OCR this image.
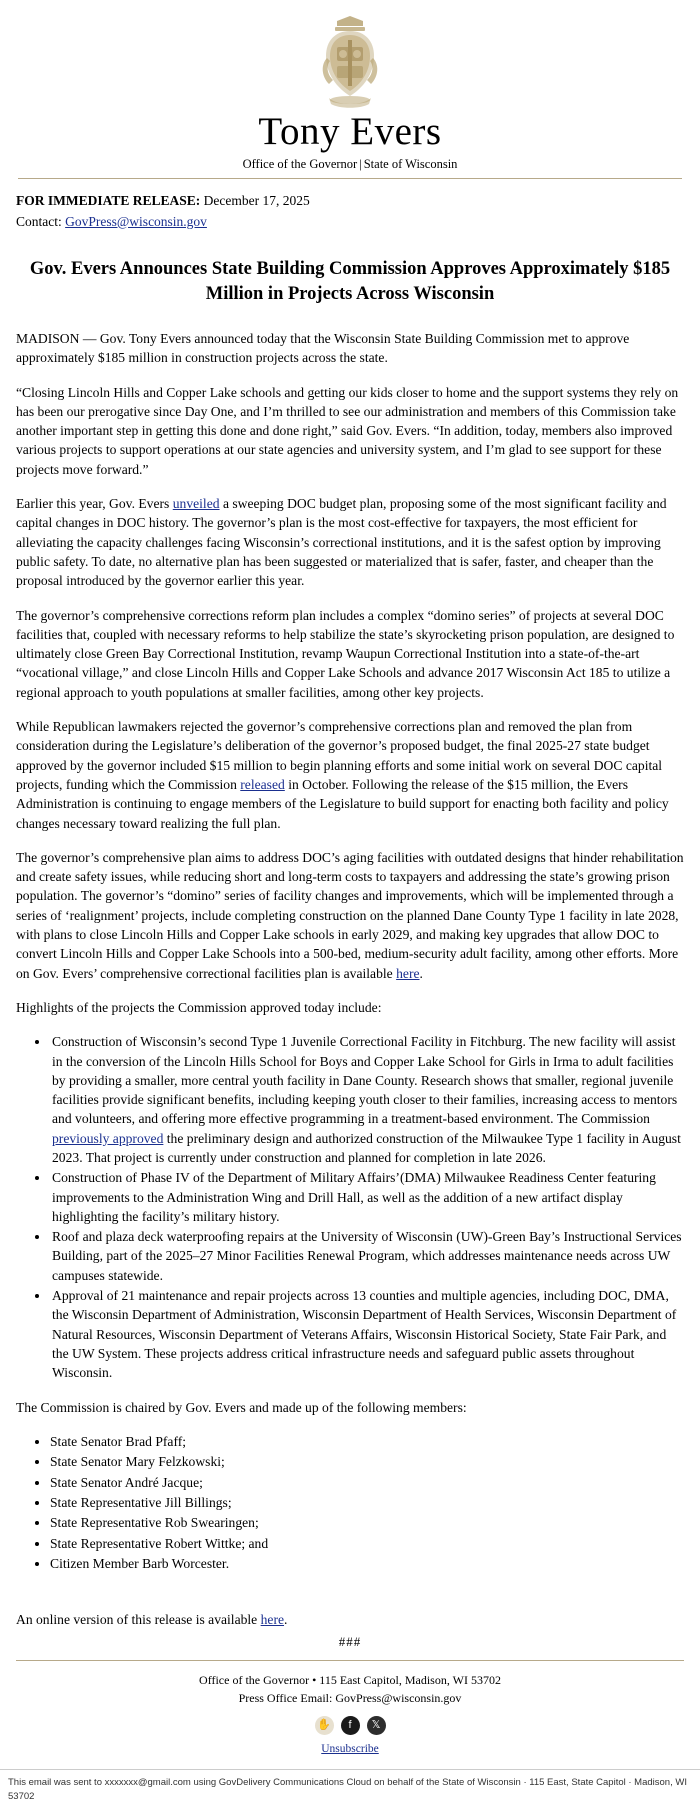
Tony Evers
Office of the Governor | State of Wisconsin
FOR IMMEDIATE RELEASE: December 17, 2025
Contact: GovPress@wisconsin.gov
Gov. Evers Announces State Building Commission Approves Approximately $185 Million in Projects Across Wisconsin

MADISON — Gov. Tony Evers announced today that the Wisconsin State Building Commission met to approve approximately $185 million in construction projects across the state.

“Closing Lincoln Hills and Copper Lake schools and getting our kids closer to home and the support systems they rely on has been our prerogative since Day One, and I’m thrilled to see our administration and members of this Commission take another important step in getting this done and done right,” said Gov. Evers. “In addition, today, members also improved various projects to support operations at our state agencies and university system, and I’m glad to see support for these projects move forward.”

Earlier this year, Gov. Evers unveiled a sweeping DOC budget plan, proposing some of the most significant facility and capital changes in DOC history. The governor’s plan is the most cost-effective for taxpayers, the most efficient for alleviating the capacity challenges facing Wisconsin’s correctional institutions, and it is the safest option by improving public safety. To date, no alternative plan has been suggested or materialized that is safer, faster, and cheaper than the proposal introduced by the governor earlier this year.

The governor’s comprehensive corrections reform plan includes a complex “domino series” of projects at several DOC facilities that, coupled with necessary reforms to help stabilize the state’s skyrocketing prison population, are designed to ultimately close Green Bay Correctional Institution, revamp Waupun Correctional Institution into a state-of-the-art “vocational village,” and close Lincoln Hills and Copper Lake Schools and advance 2017 Wisconsin Act 185 to utilize a regional approach to youth populations at smaller facilities, among other key projects.

While Republican lawmakers rejected the governor’s comprehensive corrections plan and removed the plan from consideration during the Legislature’s deliberation of the governor’s proposed budget, the final 2025-27 state budget approved by the governor included $15 million to begin planning efforts and some initial work on several DOC capital projects, funding which the Commission released in October. Following the release of the $15 million, the Evers Administration is continuing to engage members of the Legislature to build support for enacting both facility and policy changes necessary toward realizing the full plan.

The governor’s comprehensive plan aims to address DOC’s aging facilities with outdated designs that hinder rehabilitation and create safety issues, while reducing short and long-term costs to taxpayers and addressing the state’s growing prison population. The governor’s “domino” series of facility changes and improvements, which will be implemented through a series of ‘realignment’ projects, include completing construction on the planned Dane County Type 1 facility in late 2028, with plans to close Lincoln Hills and Copper Lake schools in early 2029, and making key upgrades that allow DOC to convert Lincoln Hills and Copper Lake Schools into a 500-bed, medium-security adult facility, among other efforts. More on Gov. Evers’ comprehensive correctional facilities plan is available here.

Highlights of the projects the Commission approved today include:

• Construction of Wisconsin’s second Type 1 Juvenile Correctional Facility in Fitchburg. The new facility will assist in the conversion of the Lincoln Hills School for Boys and Copper Lake School for Girls in Irma to adult facilities by providing a smaller, more central youth facility in Dane County. Research shows that smaller, regional juvenile facilities provide significant benefits, including keeping youth closer to their families, increasing access to mentors and volunteers, and offering more effective programming in a treatment-based environment. The Commission previously approved the preliminary design and authorized construction of the Milwaukee Type 1 facility in August 2023. That project is currently under construction and planned for completion in late 2026.
• Construction of Phase IV of the Department of Military Affairs’(DMA) Milwaukee Readiness Center featuring improvements to the Administration Wing and Drill Hall, as well as the addition of a new artifact display highlighting the facility’s military history.
• Roof and plaza deck waterproofing repairs at the University of Wisconsin (UW)-Green Bay’s Instructional Services Building, part of the 2025–27 Minor Facilities Renewal Program, which addresses maintenance needs across UW campuses statewide.
• Approval of 21 maintenance and repair projects across 13 counties and multiple agencies, including DOC, DMA, the Wisconsin Department of Administration, Wisconsin Department of Health Services, Wisconsin Department of Natural Resources, Wisconsin Department of Veterans Affairs, Wisconsin Historical Society, State Fair Park, and the UW System. These projects address critical infrastructure needs and safeguard public assets throughout Wisconsin.

The Commission is chaired by Gov. Evers and made up of the following members:

• State Senator Brad Pfaff;
• State Senator Mary Felzkowski;
• State Senator André Jacque;
• State Representative Jill Billings;
• State Representative Rob Swearingen;
• State Representative Robert Wittke; and
• Citizen Member Barb Worcester.

An online version of this release is available here.

###
Office of the Governor • 115 East Capitol, Madison, WI 53702
Press Office Email: GovPress@wisconsin.gov
✋	f	𝕏
Unsubscribe
This email was sent to xxxxxxx@gmail.com using GovDelivery Communications Cloud on behalf of the State of Wisconsin · 115 East, State Capitol · Madison, WI 53702
